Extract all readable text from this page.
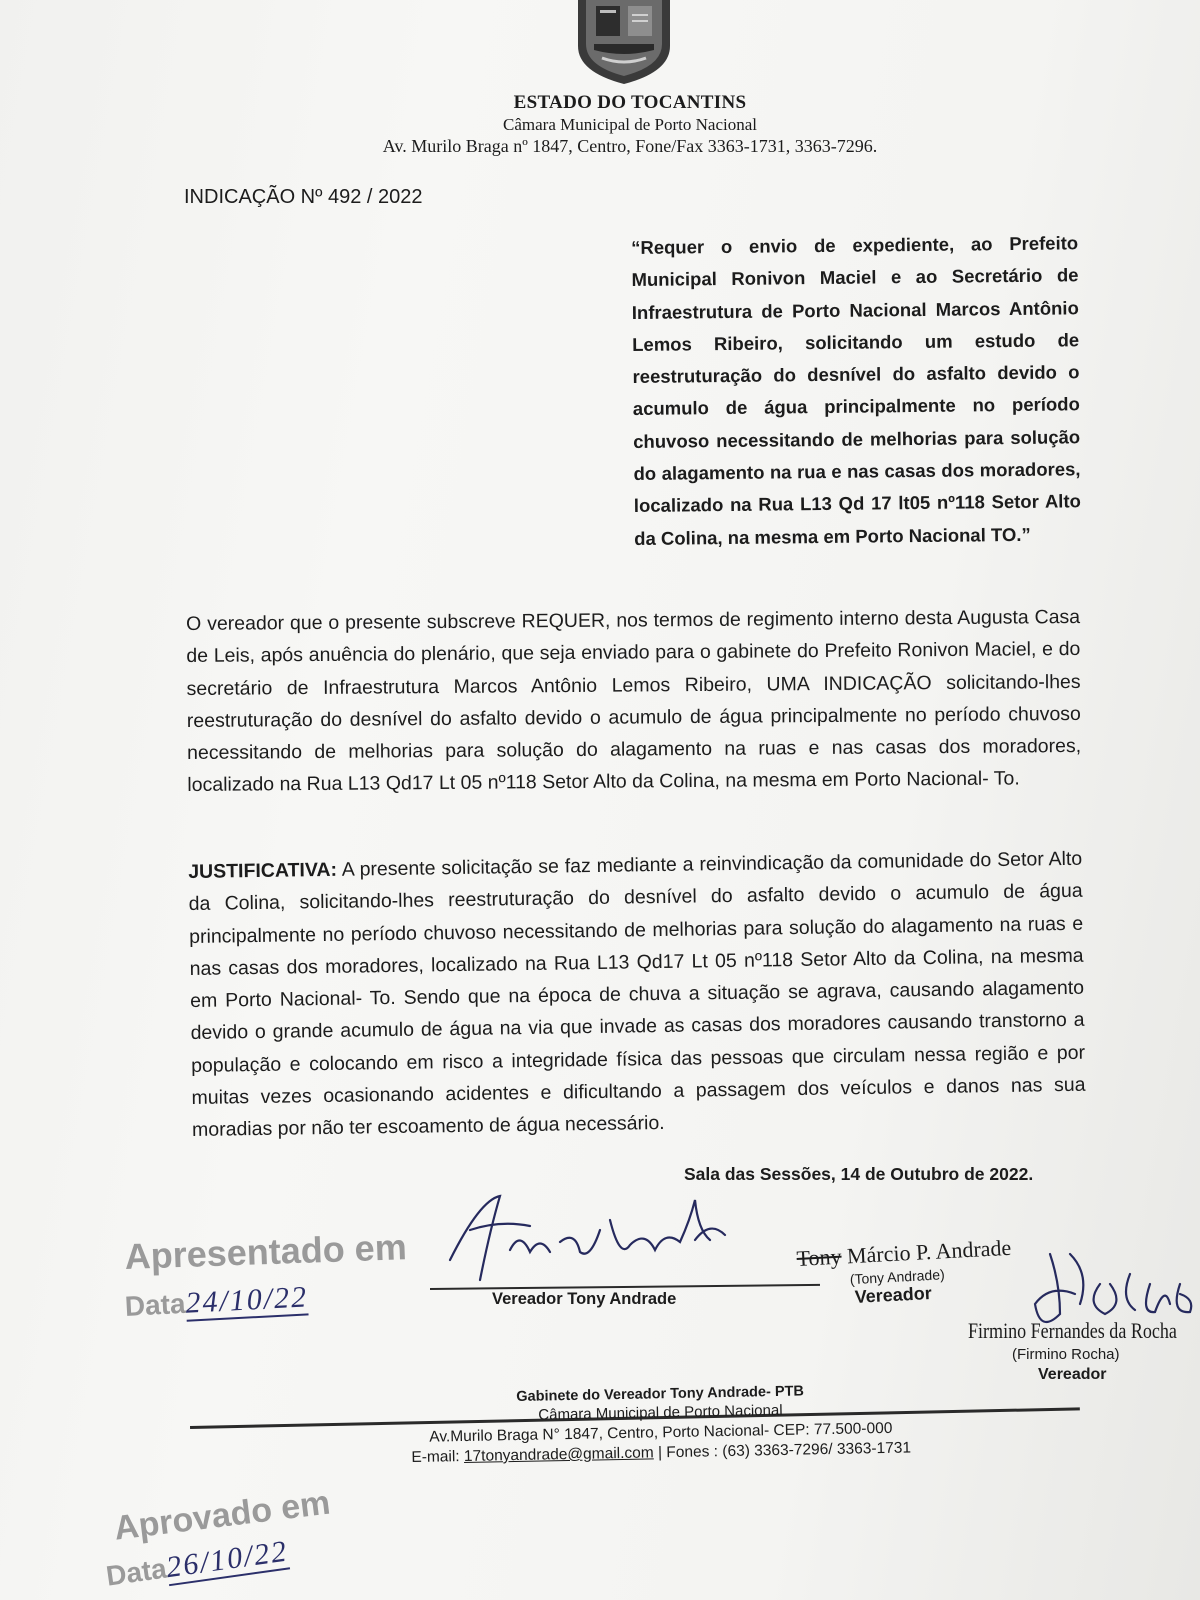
ESTADO DO TOCANTINS
Câmara Municipal de Porto Nacional
Av. Murilo Braga nº 1847, Centro, Fone/Fax 3363-1731, 3363-7296.
INDICAÇÃO Nº 492 / 2022
“Requer o envio de expediente, ao Prefeito Municipal Ronivon Maciel e ao Secretário de Infraestrutura de Porto Nacional Marcos Antônio Lemos Ribeiro, solicitando um estudo de reestruturação do desnível do asfalto devido o acumulo de água principalmente no período chuvoso necessitando de melhorias para solução do alagamento na rua e nas casas dos moradores, localizado na Rua L13 Qd 17 lt05 nº118 Setor Alto da Colina, na mesma em Porto Nacional TO.”
O vereador que o presente subscreve REQUER, nos termos de regimento interno desta Augusta Casa de Leis, após anuência do plenário, que seja enviado para o gabinete do Prefeito Ronivon Maciel, e do secretário de Infraestrutura Marcos Antônio Lemos Ribeiro, UMA INDICAÇÃO solicitando-lhes reestruturação do desnível do asfalto devido o acumulo de água principalmente no período chuvoso necessitando de melhorias para solução do alagamento na ruas e nas casas dos moradores, localizado na Rua L13 Qd17 Lt 05 nº118 Setor Alto da Colina, na mesma em Porto Nacional- To.
JUSTIFICATIVA: A presente solicitação se faz mediante a reinvindicação da comunidade do Setor Alto da Colina, solicitando-lhes reestruturação do desnível do asfalto devido o acumulo de água principalmente no período chuvoso necessitando de melhorias para solução do alagamento na ruas e nas casas dos moradores, localizado na Rua L13 Qd17 Lt 05 nº118 Setor Alto da Colina, na mesma em Porto Nacional- To. Sendo que na época de chuva a situação se agrava, causando alagamento devido o grande acumulo de água na via que invade as casas dos moradores causando transtorno a população e colocando em risco a integridade física das pessoas que circulam nessa região e por muitas vezes ocasionando acidentes e dificultando a passagem dos veículos e danos nas sua moradias por não ter escoamento de água necessário.
Sala das Sessões, 14 de Outubro de 2022.
Apresentado em
Data24/10/22	Vereador Tony Andrade
Tony Márcio P. Andrade
(Tony Andrade)
Vereador
Firmino Fernandes da Rocha
(Firmino Rocha)
Vereador
Gabinete do Vereador Tony Andrade- PTB
Câmara Municipal de Porto Nacional
Av.Murilo Braga N° 1847, Centro, Porto Nacional- CEP: 77.500-000
E-mail: 17tonyandrade@gmail.com | Fones : (63) 3363-7296/ 3363-1731
Aprovado em
Data26/10/22
